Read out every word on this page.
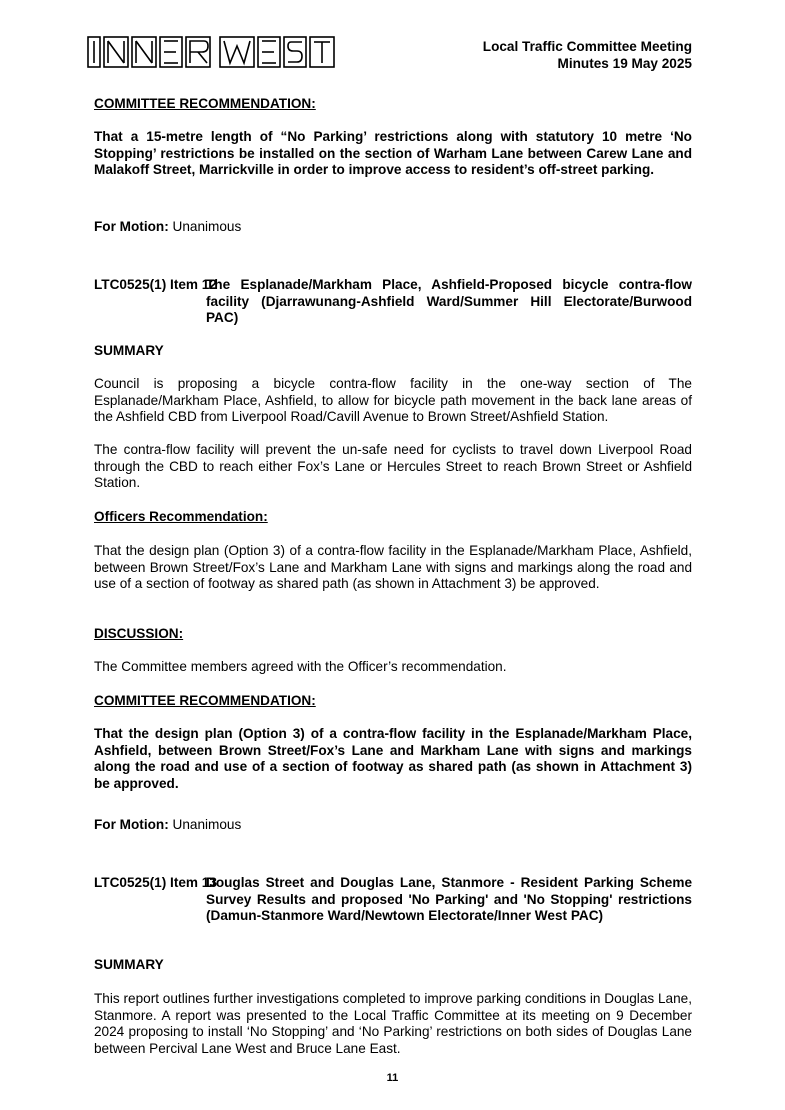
Local Traffic Committee Meeting
Minutes 19 May 2025
COMMITTEE RECOMMENDATION:
That a 15-metre length of “No Parking’ restrictions along with statutory 10 metre ‘No Stopping’ restrictions be installed on the section of Warham Lane between Carew Lane and Malakoff Street, Marrickville in order to improve access to resident’s off-street parking.
For Motion: Unanimous
LTC0525(1) Item 12
The Esplanade/Markham Place, Ashfield-Proposed bicycle contra-flow facility (Djarrawunang-Ashfield Ward/Summer Hill Electorate/Burwood PAC)
SUMMARY
Council is proposing a bicycle contra-flow facility in the one-way section of The Esplanade/Markham Place, Ashfield, to allow for bicycle path movement in the back lane areas of the Ashfield CBD from Liverpool Road/Cavill Avenue to Brown Street/Ashfield Station.
The contra-flow facility will prevent the un-safe need for cyclists to travel down Liverpool Road through the CBD to reach either Fox’s Lane or Hercules Street to reach Brown Street or Ashfield Station.
Officers Recommendation:
That the design plan (Option 3) of a contra-flow facility in the Esplanade/Markham Place, Ashfield, between Brown Street/Fox’s Lane and Markham Lane with signs and markings along the road and use of a section of footway as shared path (as shown in Attachment 3) be approved.
DISCUSSION:
The Committee members agreed with the Officer’s recommendation.
COMMITTEE RECOMMENDATION:
That the design plan (Option 3) of a contra-flow facility in the Esplanade/Markham Place, Ashfield, between Brown Street/Fox’s Lane and Markham Lane with signs and markings along the road and use of a section of footway as shared path (as shown in Attachment 3) be approved.
For Motion: Unanimous
LTC0525(1) Item 13
Douglas Street and Douglas Lane, Stanmore - Resident Parking Scheme Survey Results and proposed 'No Parking' and 'No Stopping' restrictions (Damun-Stanmore Ward/Newtown Electorate/Inner West PAC)
SUMMARY
This report outlines further investigations completed to improve parking conditions in Douglas Lane, Stanmore. A report was presented to the Local Traffic Committee at its meeting on 9 December 2024 proposing to install ‘No Stopping’ and ‘No Parking’ restrictions on both sides of Douglas Lane between Percival Lane West and Bruce Lane East.
11
